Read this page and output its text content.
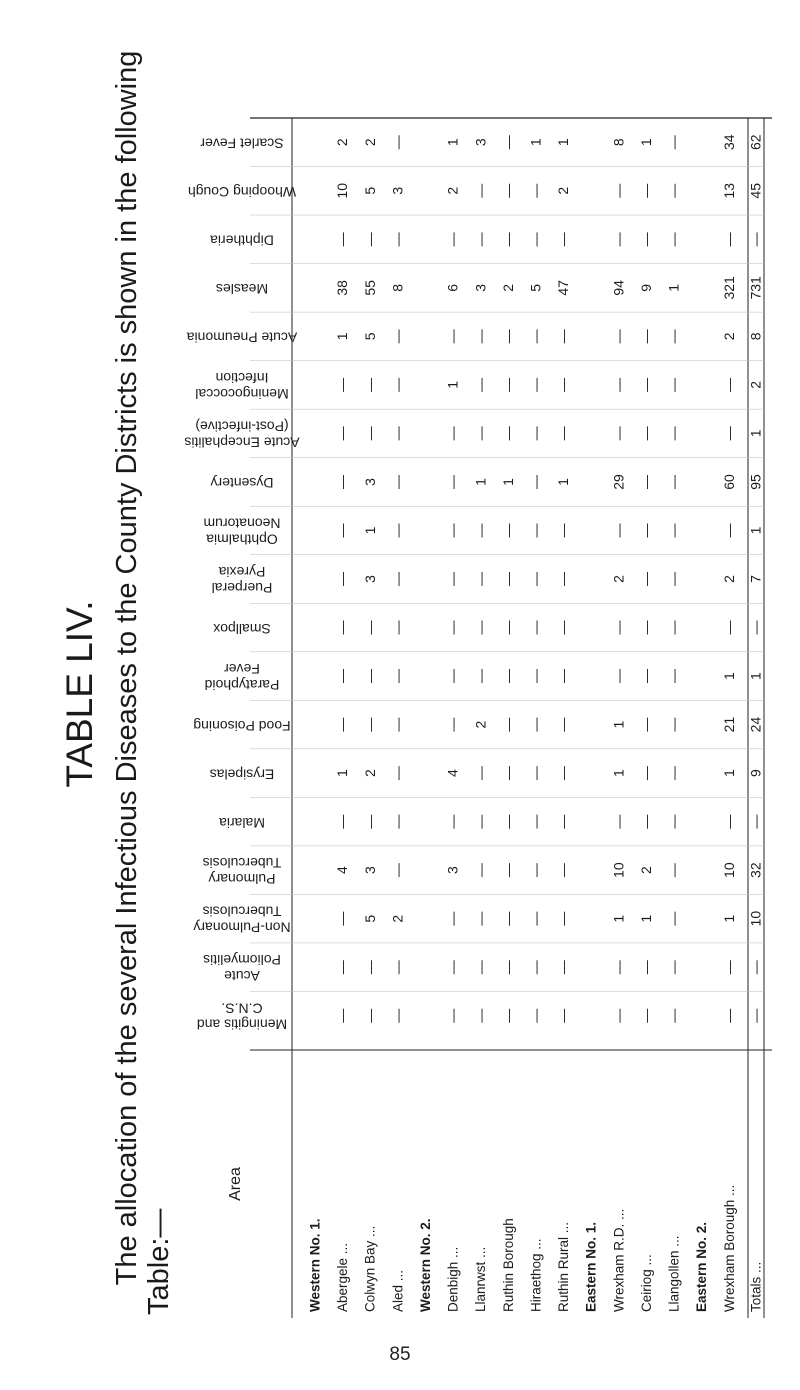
TABLE LIV. The allocation of the several Infectious Diseases to the County Districts is shown in the following Table:—
Scarlet Fever
Whooping Cough
Diphtheria
Measles
Acute Pneumonia
MeningococcalInfection
Acute Encephalitis(Post-infective)
Dysentery
OphthalmiaNeonatorum
PuerperalPyrexia
Smallpox
ParatyphoidFever
Food Poisoning
Erysipelas
Malaria
PulmonaryTuberculosis
Non-PulmonaryTuberculosis
AcutePoliomyelitis
Meningitis andC.N.S.
Area
Western No. 1. Abergele ...
2
10
—
38
1
—
—
—
—
—
—
—
—
1
—
4
—
—
—
Colwyn Bay ...
2
5
—
55
5
—
—
3
1
3
—
—
—
2
—
3
5
—
—
Aled ...
—
3
—
8
—
—
—
—
—
—
—
—
—
—
—
—
2
—
—
Western No. 2. Denbigh ...
1
2
—
6
—
1
—
—
—
—
—
—
—
4
—
3
—
—
—
Llanrwst ...
3
—
—
3
—
—
—
1
—
—
—
—
2
—
—
—
—
—
—
Ruthin Borough
—
—
—
2
—
—
—
1
—
—
—
—
—
—
—
—
—
—
—
Hiraethog ...
1
—
—
5
—
—
—
—
—
—
—
—
—
—
—
—
—
—
—
Ruthin Rural ...
1
2
—
47
—
—
—
1
—
—
—
—
—
—
—
—
—
—
—
Eastern No. 1. Wrexham R.D. ...
8
—
—
94
—
—
—
29
—
2
—
—
1
1
—
10
1
—
—
Ceiriog ...
1
—
—
9
—
—
—
—
—
—
—
—
—
—
—
2
1
—
—
Llangollen ...
—
—
—
1
—
—
—
—
—
—
—
—
—
—
—
—
—
—
—
Eastern No. 2. Wrexham Borough ...
34
13
—
321
2
—
—
60
—
2
—
1
21
1
—
10
1
—
—
Totals ...
62
45
—
731
8
2
1
95
1
7
—
1
24
9
—
32
10
—
—
85
